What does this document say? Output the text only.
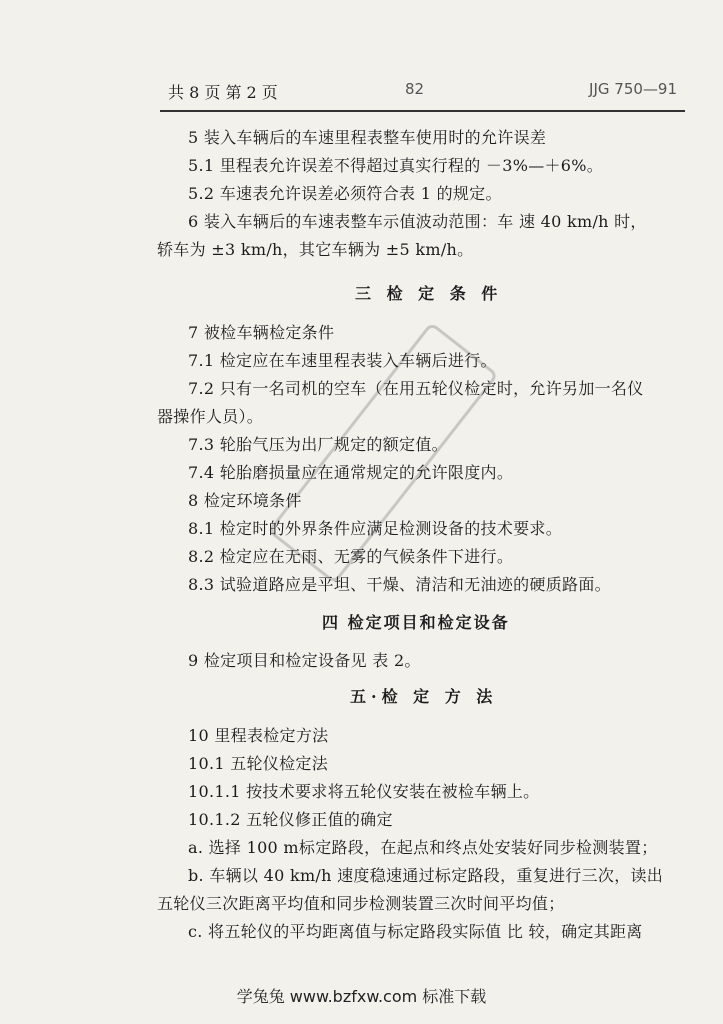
共 8 页 第 2 页	82	JJG 750—91
5 装入车辆后的车速里程表整车使用时的允许误差
5.1 里程表允许误差不得超过真实行程的 －3%—＋6%。
5.2 车速表允许误差必须符合表 1 的规定。
6 装入车辆后的车速表整车示值波动范围：车 速 40 km/h 时，
轿车为 ±3 km/h，其它车辆为 ±5 km/h。
三 检 定 条 件
7 被检车辆检定条件
7.1 检定应在车速里程表装入车辆后进行。
7.2 只有一名司机的空车（在用五轮仪检定时，允许另加一名仪
器操作人员）。
7.3 轮胎气压为出厂规定的额定值。
7.4 轮胎磨损量应在通常规定的允许限度内。
8 检定环境条件
8.1 检定时的外界条件应满足检测设备的技术要求。
8.2 检定应在无雨、无雾的气候条件下进行。
8.3 试验道路应是平坦、干燥、清洁和无油迹的硬质路面。
四 检定项目和检定设备
9 检定项目和检定设备见 表 2。
五·检 定 方 法
10 里程表检定方法
10.1 五轮仪检定法
10.1.1 按技术要求将五轮仪安装在被检车辆上。
10.1.2 五轮仪修正值的确定
a. 选择 100 m标定路段，在起点和终点处安装好同步检测装置；
b. 车辆以 40 km/h 速度稳速通过标定路段，重复进行三次，读出
五轮仪三次距离平均值和同步检测装置三次时间平均值；
c. 将五轮仪的平均距离值与标定路段实际值 比 较，确定其距离
学兔兔 www.bzfxw.com 标准下载
